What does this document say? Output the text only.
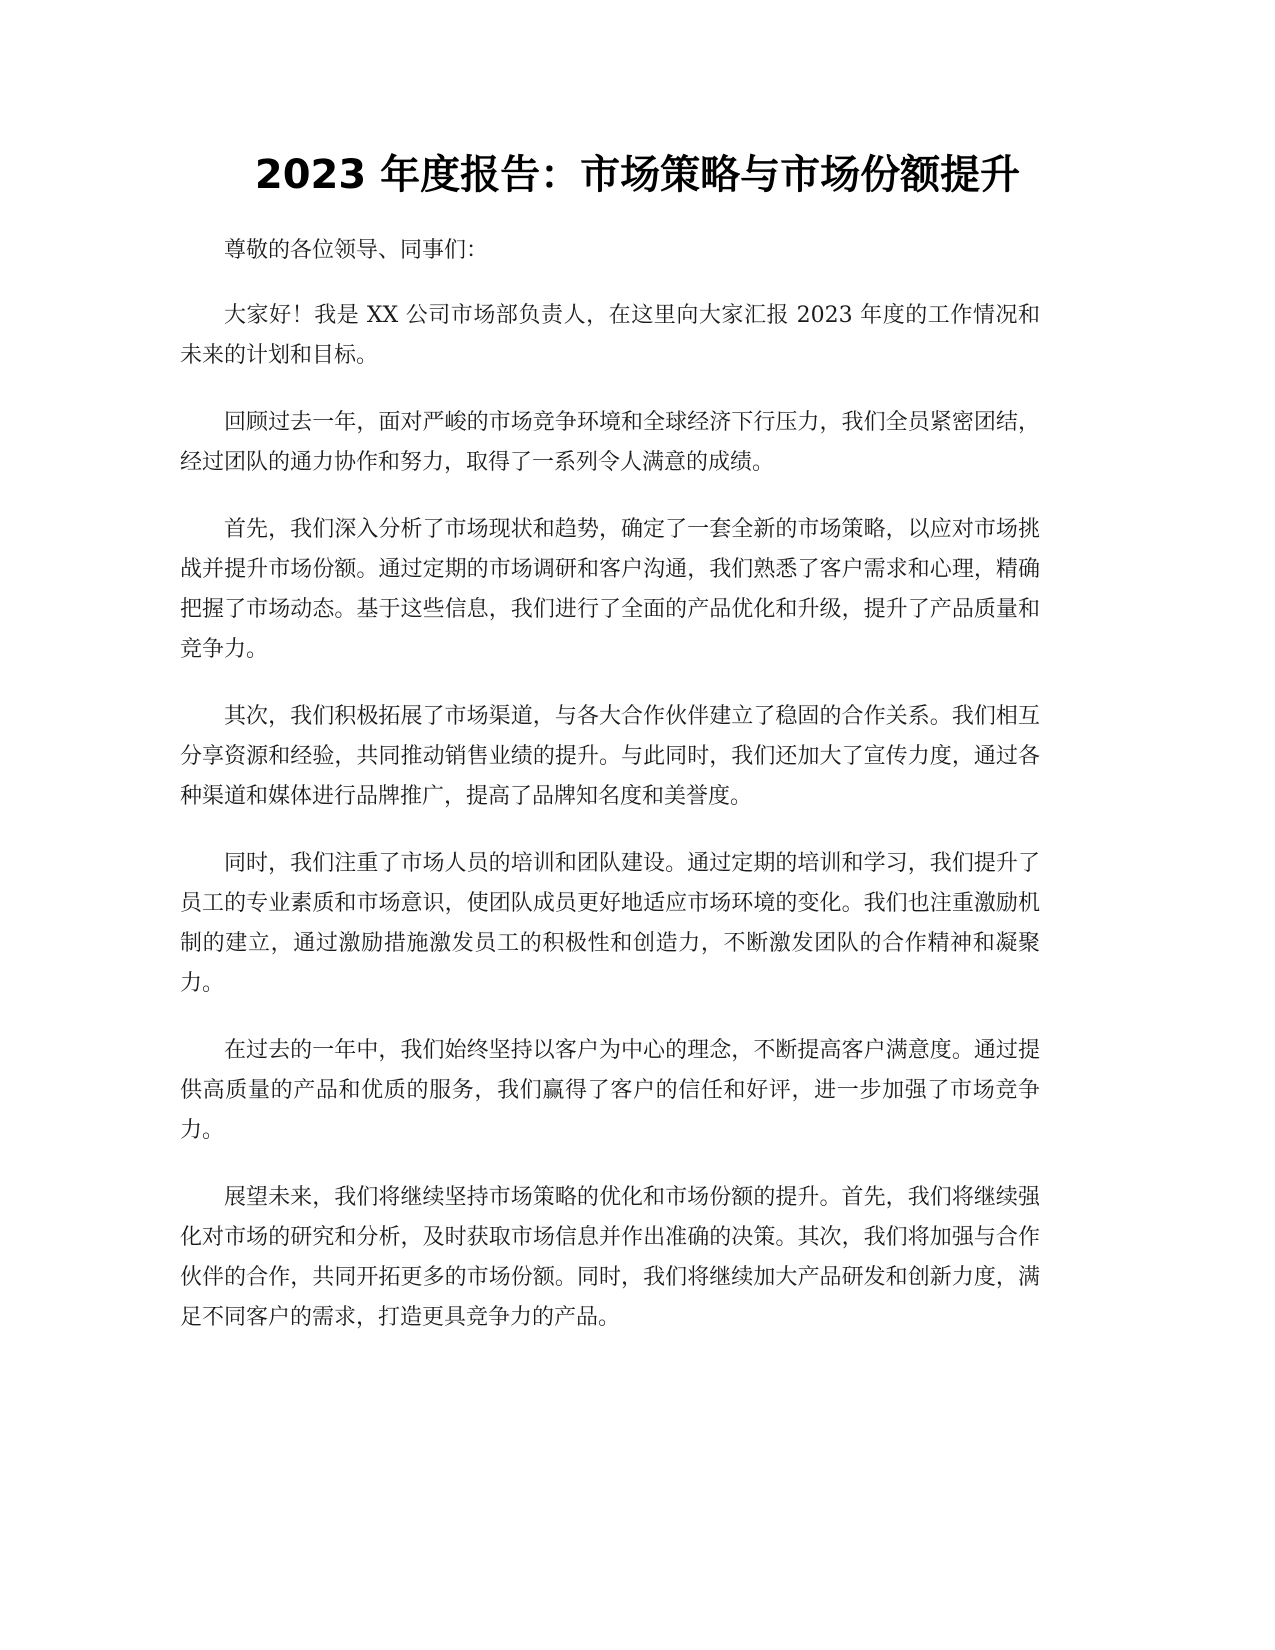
2023 年度报告：市场策略与市场份额提升

尊敬的各位领导、同事们：

大家好！我是 XX 公司市场部负责人，在这里向大家汇报 2023 年度的工作情况和未来的计划和目标。

回顾过去一年，面对严峻的市场竞争环境和全球经济下行压力，我们全员紧密团结，经过团队的通力协作和努力，取得了一系列令人满意的成绩。

首先，我们深入分析了市场现状和趋势，确定了一套全新的市场策略，以应对市场挑战并提升市场份额。通过定期的市场调研和客户沟通，我们熟悉了客户需求和心理，精确把握了市场动态。基于这些信息，我们进行了全面的产品优化和升级，提升了产品质量和竞争力。

其次，我们积极拓展了市场渠道，与各大合作伙伴建立了稳固的合作关系。我们相互分享资源和经验，共同推动销售业绩的提升。与此同时，我们还加大了宣传力度，通过各种渠道和媒体进行品牌推广，提高了品牌知名度和美誉度。

同时，我们注重了市场人员的培训和团队建设。通过定期的培训和学习，我们提升了员工的专业素质和市场意识，使团队成员更好地适应市场环境的变化。我们也注重激励机制的建立，通过激励措施激发员工的积极性和创造力，不断激发团队的合作精神和凝聚力。

在过去的一年中，我们始终坚持以客户为中心的理念，不断提高客户满意度。通过提供高质量的产品和优质的服务，我们赢得了客户的信任和好评，进一步加强了市场竞争力。

展望未来，我们将继续坚持市场策略的优化和市场份额的提升。首先，我们将继续强化对市场的研究和分析，及时获取市场信息并作出准确的决策。其次，我们将加强与合作伙伴的合作，共同开拓更多的市场份额。同时，我们将继续加大产品研发和创新力度，满足不同客户的需求，打造更具竞争力的产品。
